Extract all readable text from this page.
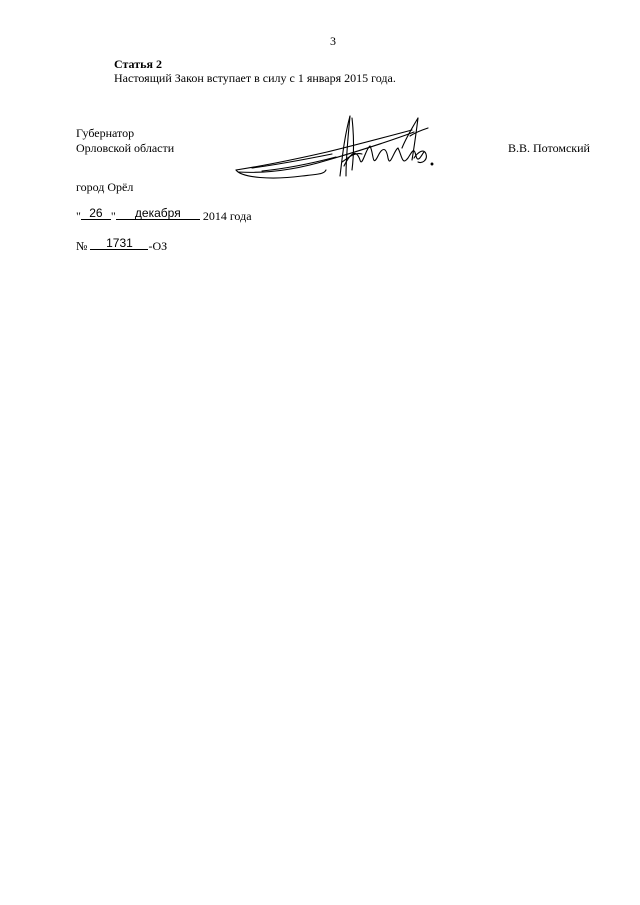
3
Статья 2
Настоящий Закон вступает в силу с 1 января 2015 года.
Губернатор
Орловской области	В.В. Потомский
город Орёл
" 26 "	декабря	2014 года
№	1731	-ОЗ
